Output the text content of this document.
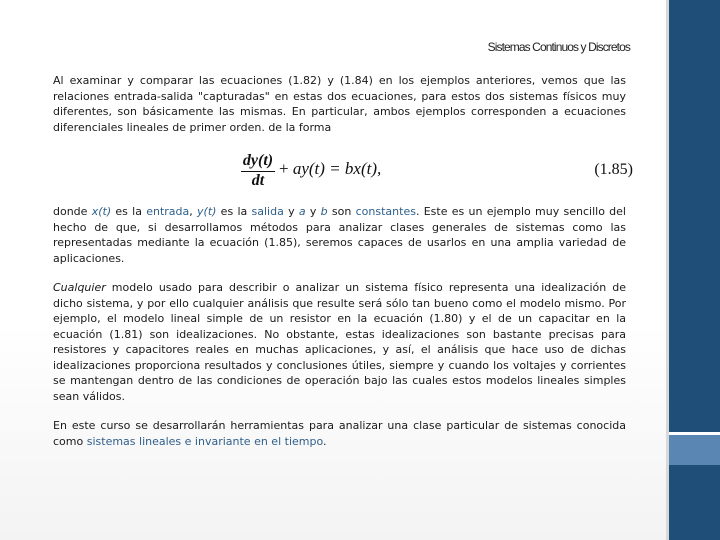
Sistemas Continuos y Discretos

Al examinar y comparar las ecuaciones (1.82) y (1.84) en los ejemplos anteriores, vemos que las relaciones entrada-salida "capturadas" en estas dos ecuaciones, para estos dos sistemas físicos muy diferentes, son básicamente las mismas. En particular, ambos ejemplos corresponden a ecuaciones diferenciales lineales de primer orden. de la forma

$\frac{dy(t)}{dt} + ay(t) = bx(t)$,	(1.85)

donde x(t) es la entrada, y(t) es la salida y a y b son constantes. Este es un ejemplo muy sencillo del hecho de que, si desarrollamos métodos para analizar clases generales de sistemas como las representadas mediante la ecuación (1.85), seremos capaces de usarlos en una amplia variedad de aplicaciones.

Cualquier modelo usado para describir o analizar un sistema físico representa una idealización de dicho sistema, y por ello cualquier análisis que resulte será sólo tan bueno como el modelo mismo. Por ejemplo, el modelo lineal simple de un resistor en la ecuación (1.80) y el de un capacitar en la ecuación (1.81) son idealizaciones. No obstante, estas idealizaciones son bastante precisas para resistores y capacitores reales en muchas aplicaciones, y así, el análisis que hace uso de dichas idealizaciones proporciona resultados y conclusiones útiles, siempre y cuando los voltajes y corrientes se mantengan dentro de las condiciones de operación bajo las cuales estos modelos lineales simples sean válidos.

En este curso se desarrollarán herramientas para analizar una clase particular de sistemas conocida como sistemas lineales e invariante en el tiempo.
